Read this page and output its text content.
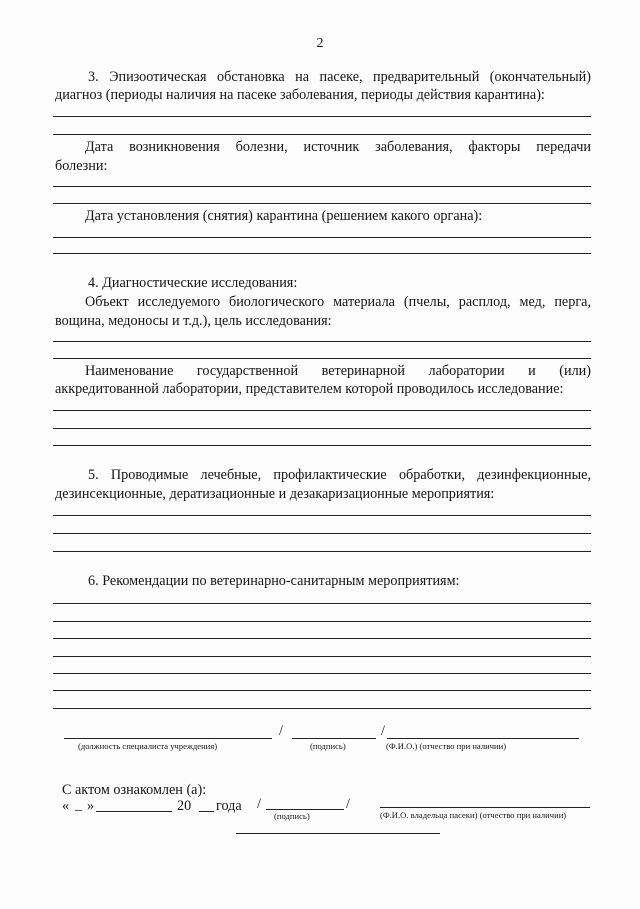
2
3. Эпизоотическая обстановка на пасеке, предварительный (окончательный)
диагноз (периоды наличия на пасеке заболевания, периоды действия карантина):
Дата возникновения болезни, источник заболевания, факторы передачи
болезни:
Дата установления (снятия) карантина (решением какого органа):
4. Диагностические исследования:
Объект исследуемого биологического материала (пчелы, расплод, мед, перга,
вощина, медоносы и т.д.), цель исследования:
Наименование государственной ветеринарной лаборатории и (или)
аккредитованной лаборатории, представителем которой проводилось исследование:
5. Проводимые лечебные, профилактические обработки, дезинфекционные,
дезинсекционные, дератизационные и дезакаризационные мероприятия:
6. Рекомендации по ветеринарно-санитарным мероприятиям:
/	/
(должность специалиста учреждения)	(подпись)	(Ф.И.О.) (отчество при наличии)
С актом ознакомлен (а):
« _ »	20 года /	/
(подпись)	(Ф.И.О. владельца пасеки) (отчество при наличии)
